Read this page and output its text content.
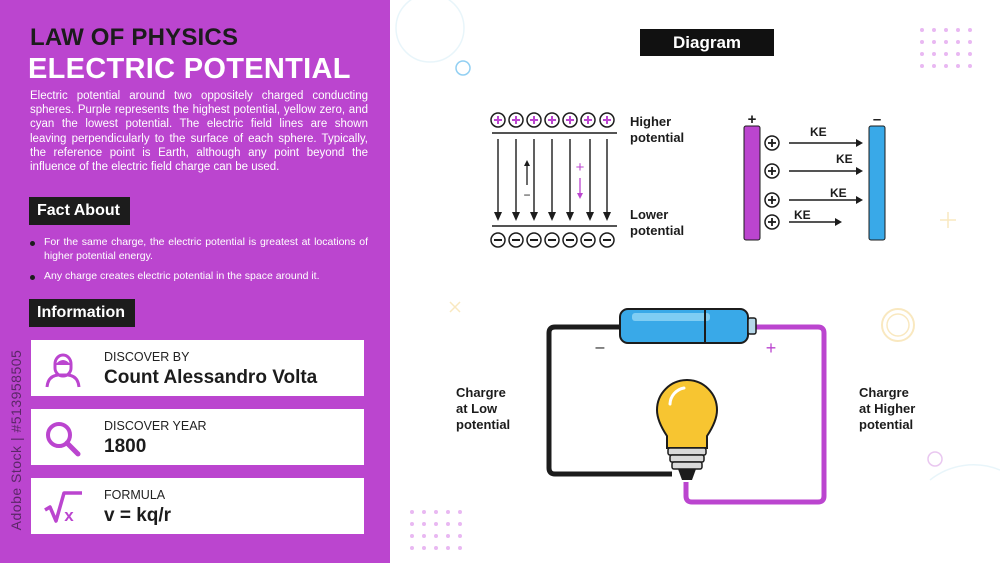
LAW OF PHYSICS
ELECTRIC POTENTIAL
Electric potential around two oppositely charged conducting spheres. Purple represents the highest potential, yellow zero, and cyan the lowest potential. The electric field lines are shown leaving perpendicularly to the surface of each sphere. Typically, the reference point is Earth, although any point beyond the influence of the electric field charge can be used.
Fact About
For the same charge, the electric potential is greatest at locations of higher potential energy.
Any charge creates electric potential in the space around it.
Information
Adobe Stock | #513958505	DISCOVER BY
Count Alessandro Volta
DISCOVER YEAR
1800
x
FORMULA
v = kq/r
−
+
+	–
KE
KE
KE
KE
–	+
Diagram
Higher
potential
Lower
potential
Chargre
at Low
potential
Chargre
at Higher
potential
